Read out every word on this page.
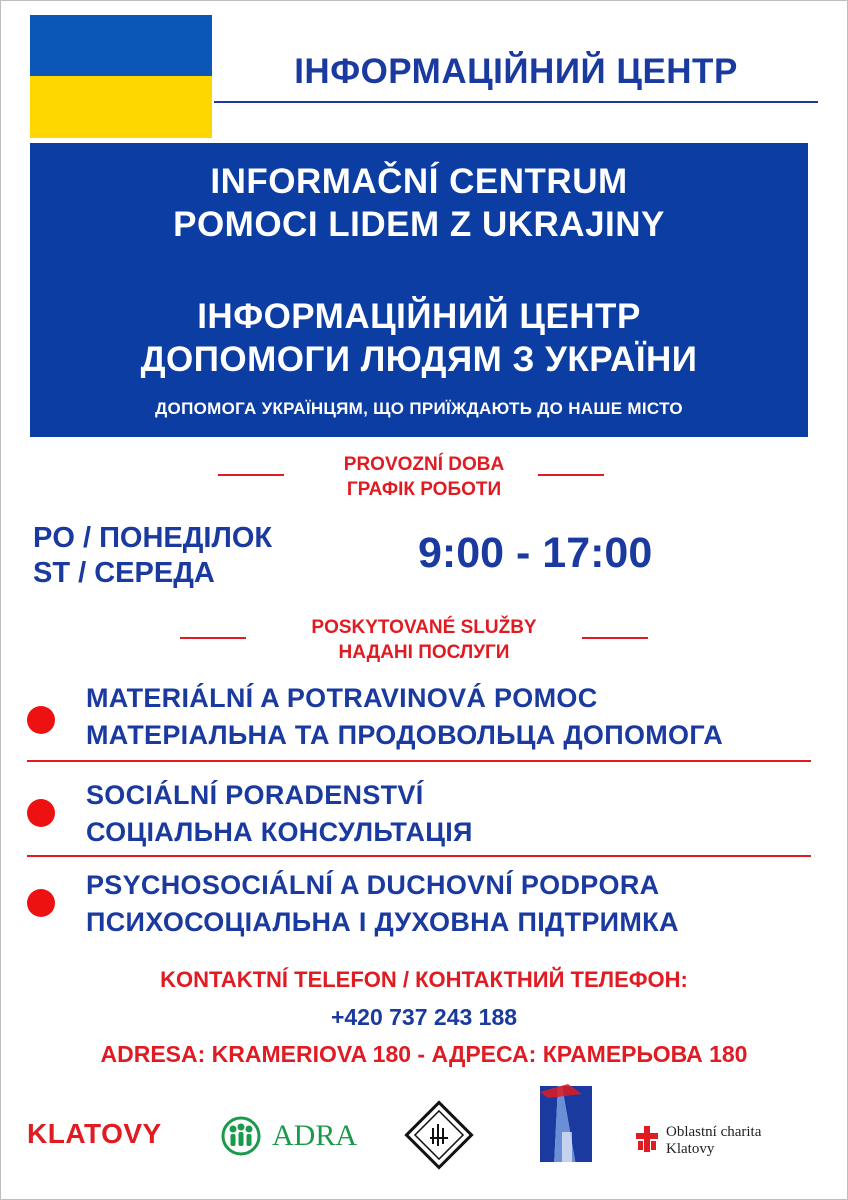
ІНФОРМАЦІЙНИЙ ЦЕНТР
INFORMAČNÍ CENTRUM
POMOCI LIDEM Z UKRAJINY
ІНФОРМАЦІЙНИЙ ЦЕНТР
ДОПОМОГИ ЛЮДЯМ З УКРАЇНИ
ДОПОМОГА УКРАЇНЦЯМ, ЩО ПРИЇЖДАЮТЬ ДО НАШЕ МІСТО
PROVOZNÍ DOBA
ГРАФІК РОБОТИ
PO / ПОНЕДІЛОК
ST / СЕРЕДА	9:00 - 17:00
POSKYTOVANÉ SLUŽBY
НАДАНІ ПОСЛУГИ
MATERIÁLNÍ A POTRAVINOVÁ POMOC
МАТЕРІАЛЬНА ТА ПРОДОВОЛЬЦА ДОПОМОГА
SOCIÁLNÍ PORADENSTVÍ
СОЦІАЛЬНА КОНСУЛЬТАЦІЯ
PSYCHOSOCIÁLNÍ A DUCHOVNÍ PODPORA
ПСИХОСОЦІАЛЬНА І ДУХОВНА ПІДТРИМКА
KONTAKTNÍ TELEFON / КОНТАКТНИЙ ТЕЛЕФОН:
+420 737 243 188
ADRESA: KRAMERIOVA 180 - АДРЕСА: КРАМЕРЬОВА 180
KLATOVY	ADRA	Oblastní charita
Klatovy
